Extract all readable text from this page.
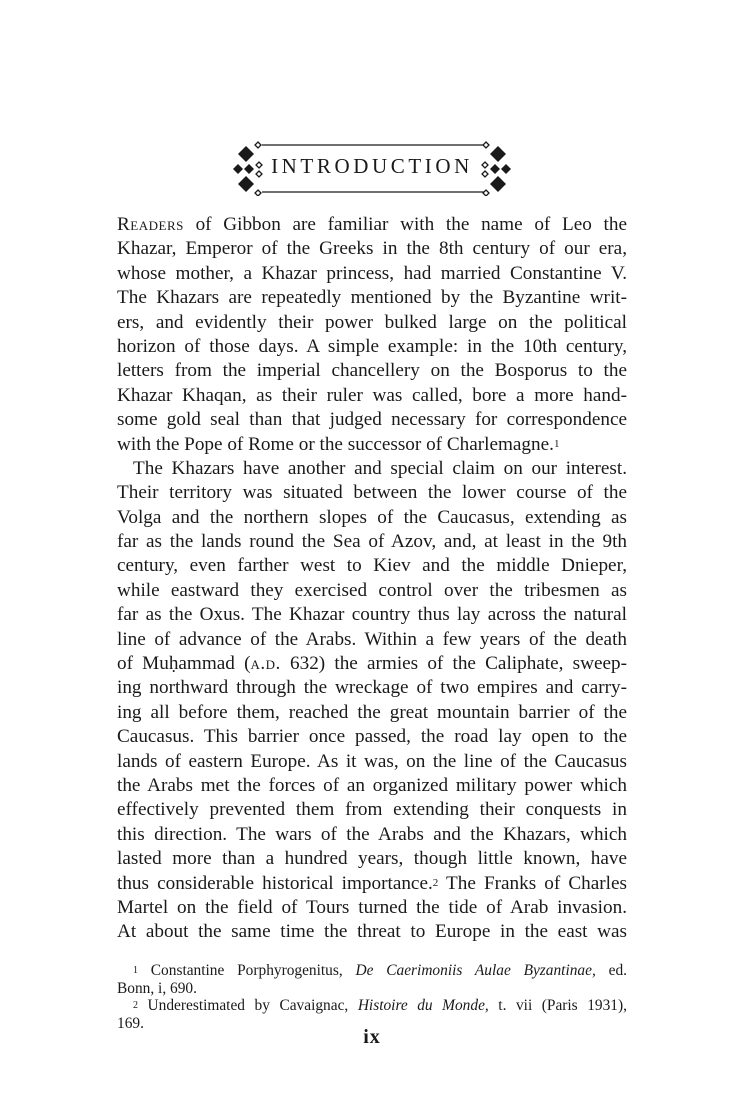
INTRODUCTION
Readers of Gibbon are familiar with the name of Leo the
Khazar, Emperor of the Greeks in the 8th century of our era,
whose mother, a Khazar princess, had married Constantine V.
The Khazars are repeatedly mentioned by the Byzantine writ-
ers, and evidently their power bulked large on the political
horizon of those days. A simple example: in the 10th century,
letters from the imperial chancellery on the Bosporus to the
Khazar Khaqan, as their ruler was called, bore a more hand-
some gold seal than that judged necessary for correspondence
with the Pope of Rome or the successor of Charlemagne.$^1$
The Khazars have another and special claim on our interest.
Their territory was situated between the lower course of the
Volga and the northern slopes of the Caucasus, extending as
far as the lands round the Sea of Azov, and, at least in the 9th
century, even farther west to Kiev and the middle Dnieper,
while eastward they exercised control over the tribesmen as
far as the Oxus. The Khazar country thus lay across the natural
line of advance of the Arabs. Within a few years of the death
of Muḥammad (a.d. 632) the armies of the Caliphate, sweep-
ing northward through the wreckage of two empires and carry-
ing all before them, reached the great mountain barrier of the
Caucasus. This barrier once passed, the road lay open to the
lands of eastern Europe. As it was, on the line of the Caucasus
the Arabs met the forces of an organized military power which
effectively prevented them from extending their conquests in
this direction. The wars of the Arabs and the Khazars, which
lasted more than a hundred years, though little known, have
thus considerable historical importance.$^2$ The Franks of Charles
Martel on the field of Tours turned the tide of Arab invasion.
At about the same time the threat to Europe in the east was
$^1$ Constantine Porphyrogenitus, De Caerimoniis Aulae Byzantinae, ed.
Bonn, i, 690.
$^2$ Underestimated by Cavaignac, Histoire du Monde, t. vii (Paris 1931),
169.
ix
